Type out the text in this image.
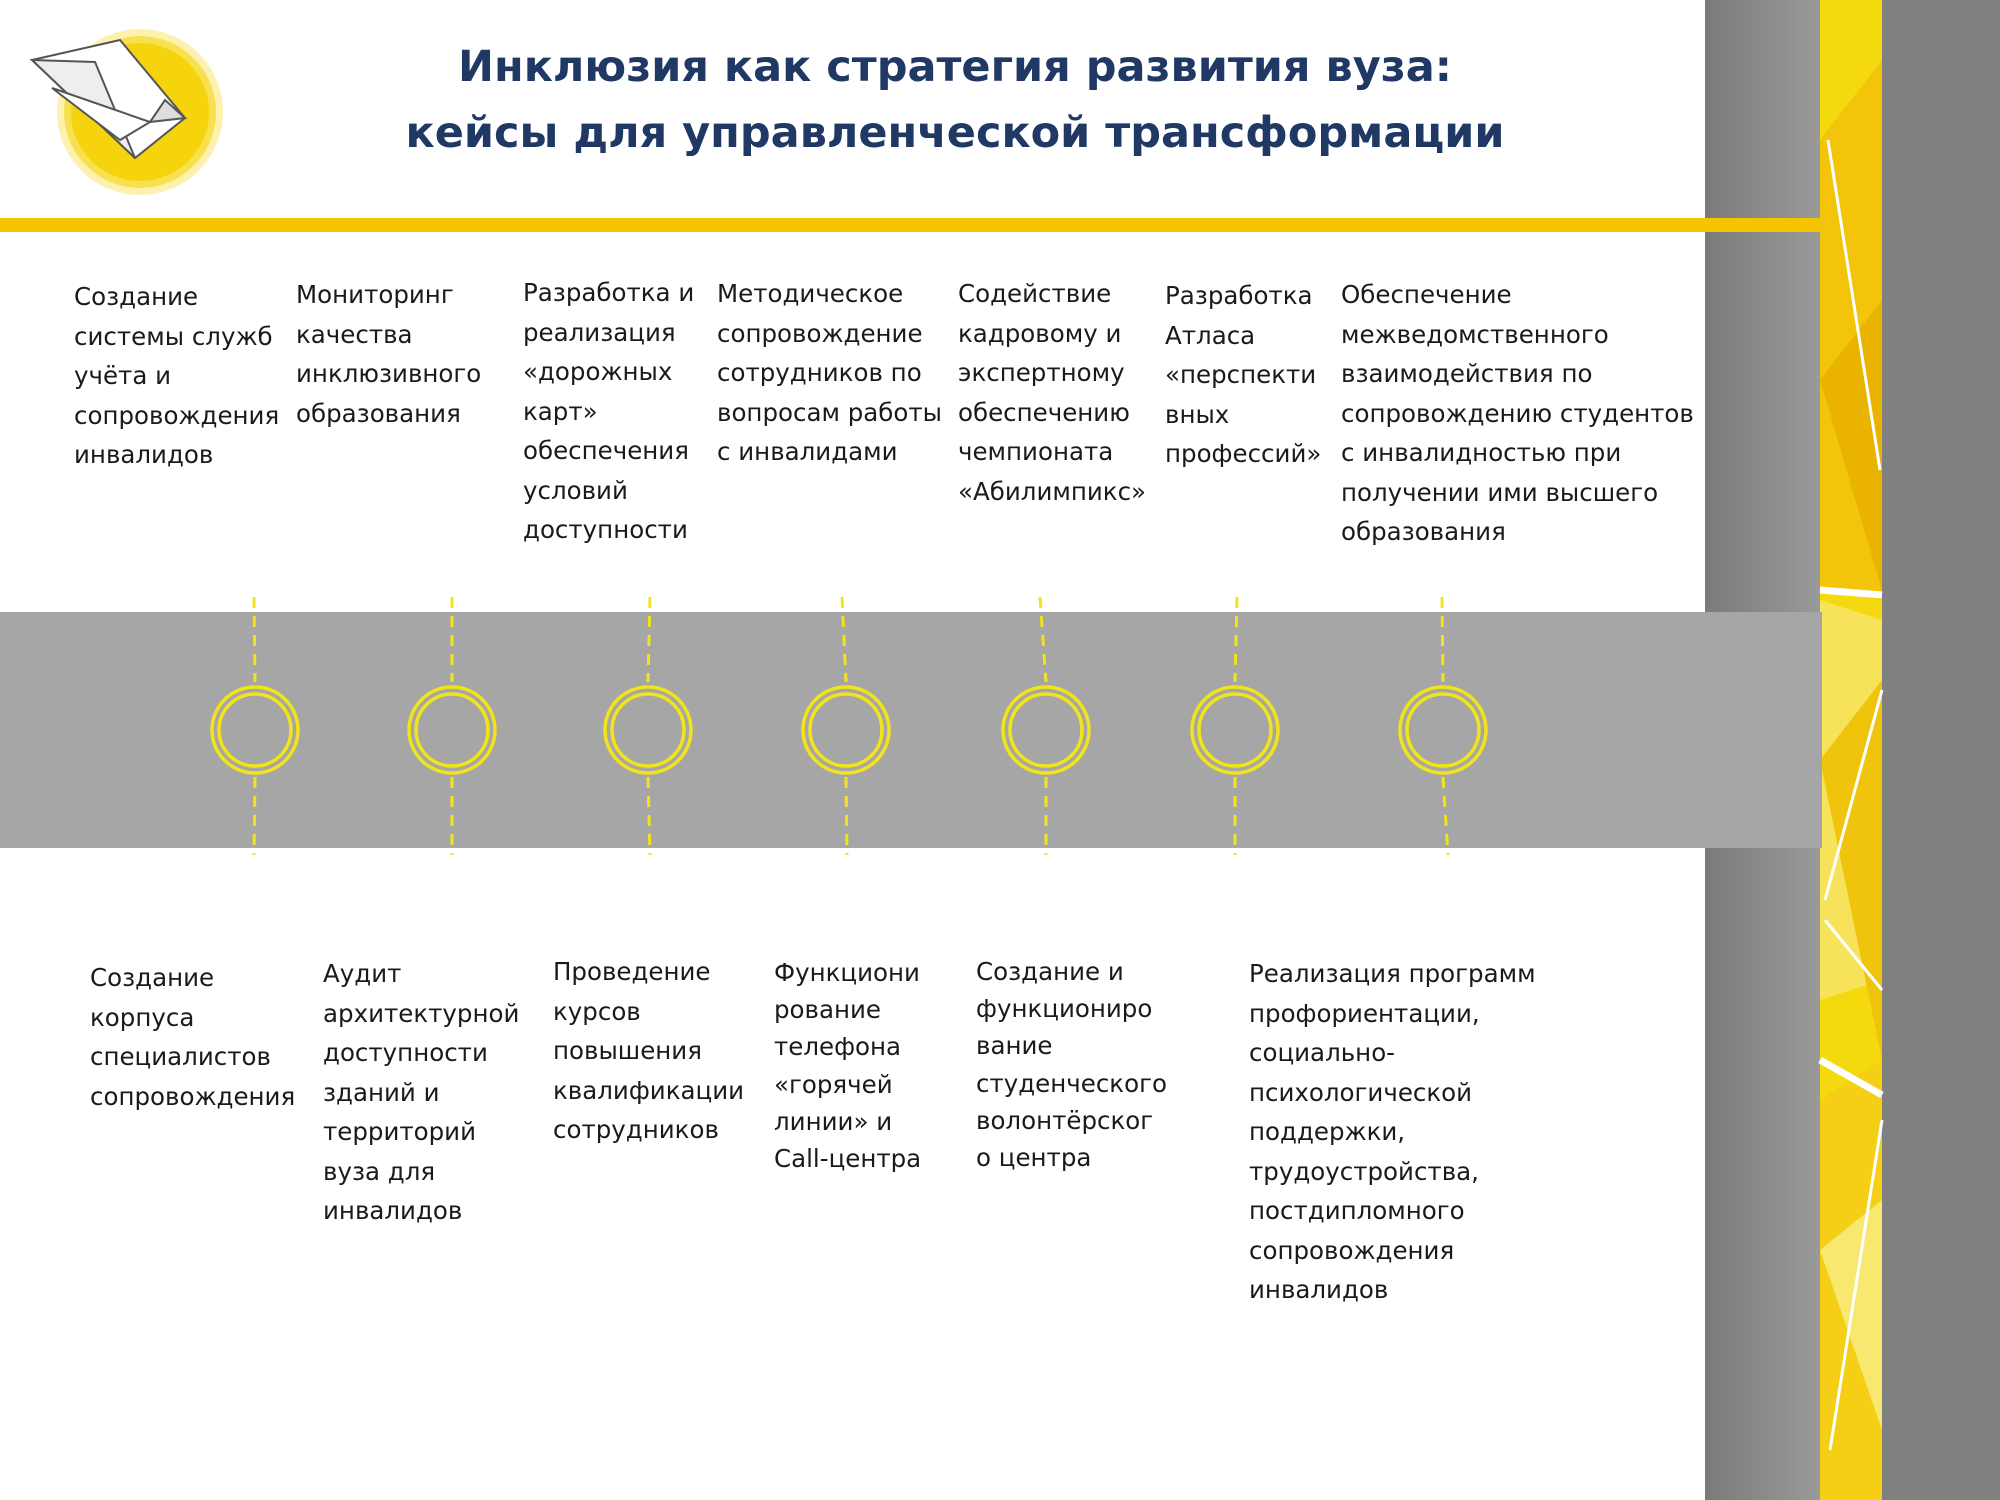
Инклюзия как стратегия развития вуза:
кейсы для управленческой трансформации
Создание
системы служб
учёта и
сопровождения
инвалидов
Мониторинг
качества
инклюзивного
образования
Разработка и
реализация
«дорожных
карт»
обеспечения
условий
доступности
Методическое
сопровождение
сотрудников по
вопросам работы
с инвалидами
Содействие
кадровому и
экспертному
обеспечению
чемпионата
«Абилимпикс»
Разработка
Атласа
«перспекти
вных
профессий»
Обеспечение
межведомственного
взаимодействия по
сопровождению студентов
с инвалидностью при
получении ими высшего
образования
Создание
корпуса
специалистов
сопровождения
Аудит
архитектурной
доступности
зданий и
территорий
вуза для
инвалидов
Проведение
курсов
повышения
квалификации
сотрудников
Функциони
рование
телефона
«горячей
линии» и
Call-центра
Создание и
функциониро
вание
студенческого
волонтёрског
о центра
Реализация программ
профориентации,
социально-
психологической
поддержки,
трудоустройства,
постдипломного
сопровождения
инвалидов
